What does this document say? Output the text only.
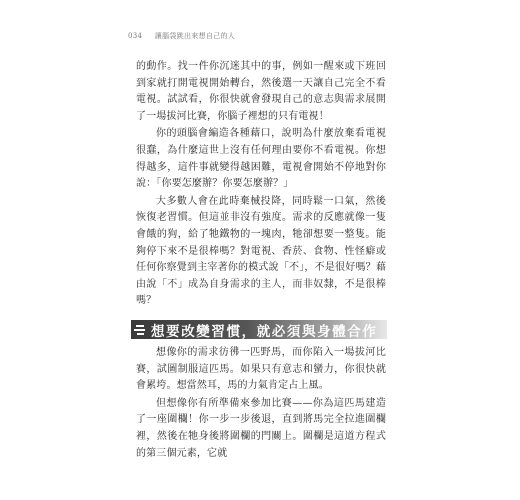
034 讓腦袋跳出來想自己的人

的動作。找一件你沉迷其中的事，例如一醒來或下班回到家就打開電視開始轉台，然後選一天讓自己完全不看電視。試試看，你很快就會發現自己的意志與需求展開了一場拔河比賽，你腦子裡想的只有電視！

你的頭腦會編造各種藉口，說明為什麼放棄看電視很蠢，為什麼這世上沒有任何理由要你不看電視。你想得越多，這件事就變得越困難，電視會開始不停地對你說：「你要怎麼辦？你要怎麼辦？」

大多數人會在此時棄械投降，同時鬆一口氣，然後恢復老習慣。但這並非沒有強度。需求的反應就像一隻會餓的狗，給了牠鐵物的一塊肉，牠卻想要一整隻。能夠停下來不是很棒嗎？對電視、香菸、食物、性怪癖或任何你察覺到主宰著你的模式說「不」，不是很好嗎？藉由說「不」成為自身需求的主人，而非奴隸，不是很棒嗎？

想要改變習慣，就必須與身體合作

想像你的需求彷彿一匹野馬，而你陷入一場拔河比賽，試圖制服這匹馬。如果只有意志和蠻力，你很快就會累垮。想當然耳，馬的力氣肯定占上風。

但想像你有所準備來參加比賽——你為這匹馬建造了一座圍欄！你一步一步後退，直到將馬完全拉進圍欄裡，然後在牠身後將圍欄的門關上。圍欄是這道方程式的第三個元素，它就
